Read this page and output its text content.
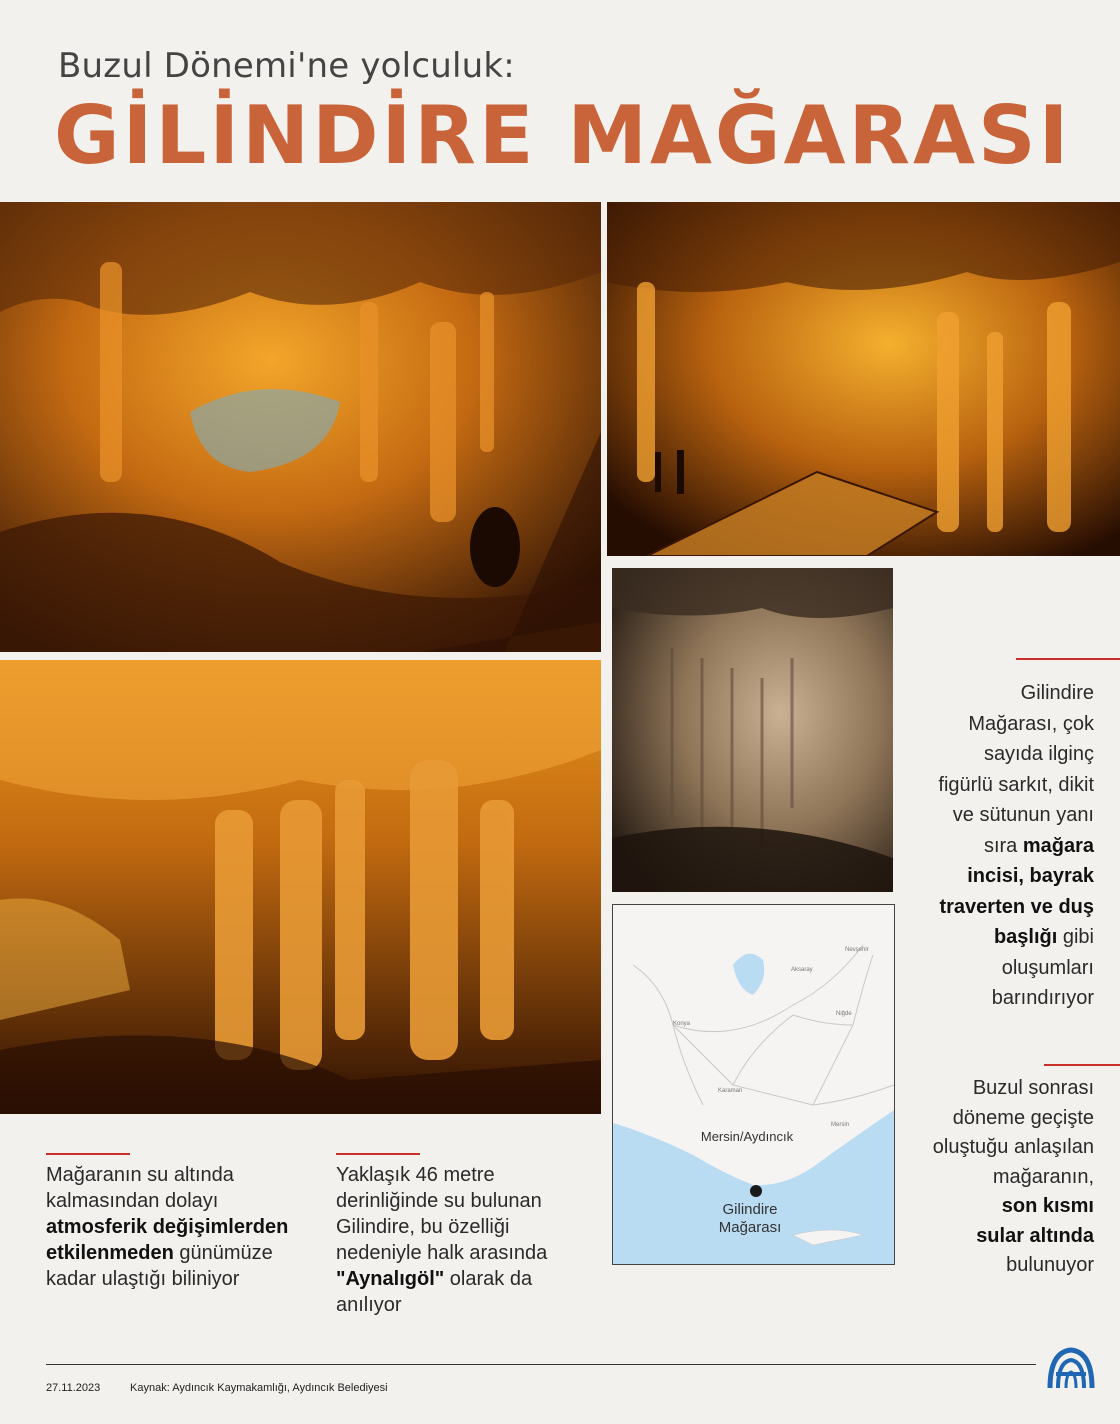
Buzul Dönemi'ne yolculuk:
GİLİNDİRE MAĞARASI
Nevşehir
Aksaray
Niğde
Konya
Karaman
Mersin
Mersin/Aydıncık
Gilindire
Mağarası
Gilindire
Mağarası, çok
sayıda ilginç
figürlü sarkıt, dikit
ve sütunun yanı
sıra mağara
incisi, bayrak
traverten ve duş
başlığı gibi
oluşumları
barındırıyor
Buzul sonrası
döneme geçişte
oluştuğu anlaşılan
mağaranın,
son kısmı
sular altında
bulunuyor
Mağaranın su altında
kalmasından dolayı
atmosferik değişimlerden
etkilenmeden günümüze
kadar ulaştığı biliniyor
Yaklaşık 46 metre
derinliğinde su bulunan
Gilindire, bu özelliği
nedeniyle halk arasında
"Aynalıgöl" olarak da
anılıyor
27.11.2023	Kaynak: Aydıncık Kaymakamlığı, Aydıncık Belediyesi
